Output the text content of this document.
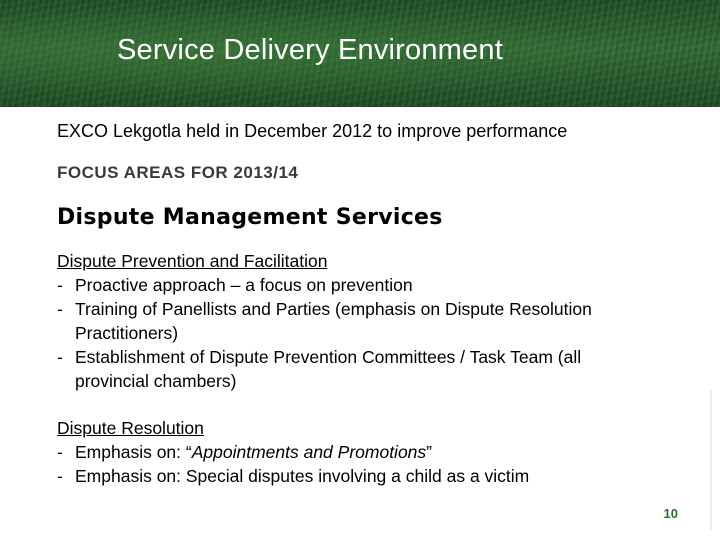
Service Delivery Environment
EXCO Lekgotla held in December 2012 to improve performance
FOCUS AREAS FOR 2013/14
Dispute Management Services
Dispute Prevention and Facilitation
- Proactive approach – a focus on prevention
- Training of Panellists and Parties (emphasis on Dispute Resolution Practitioners)
- Establishment of Dispute Prevention Committees / Task Team (all provincial chambers)
Dispute Resolution
- Emphasis on: “Appointments and Promotions”
- Emphasis on: Special disputes involving a child as a victim
10
